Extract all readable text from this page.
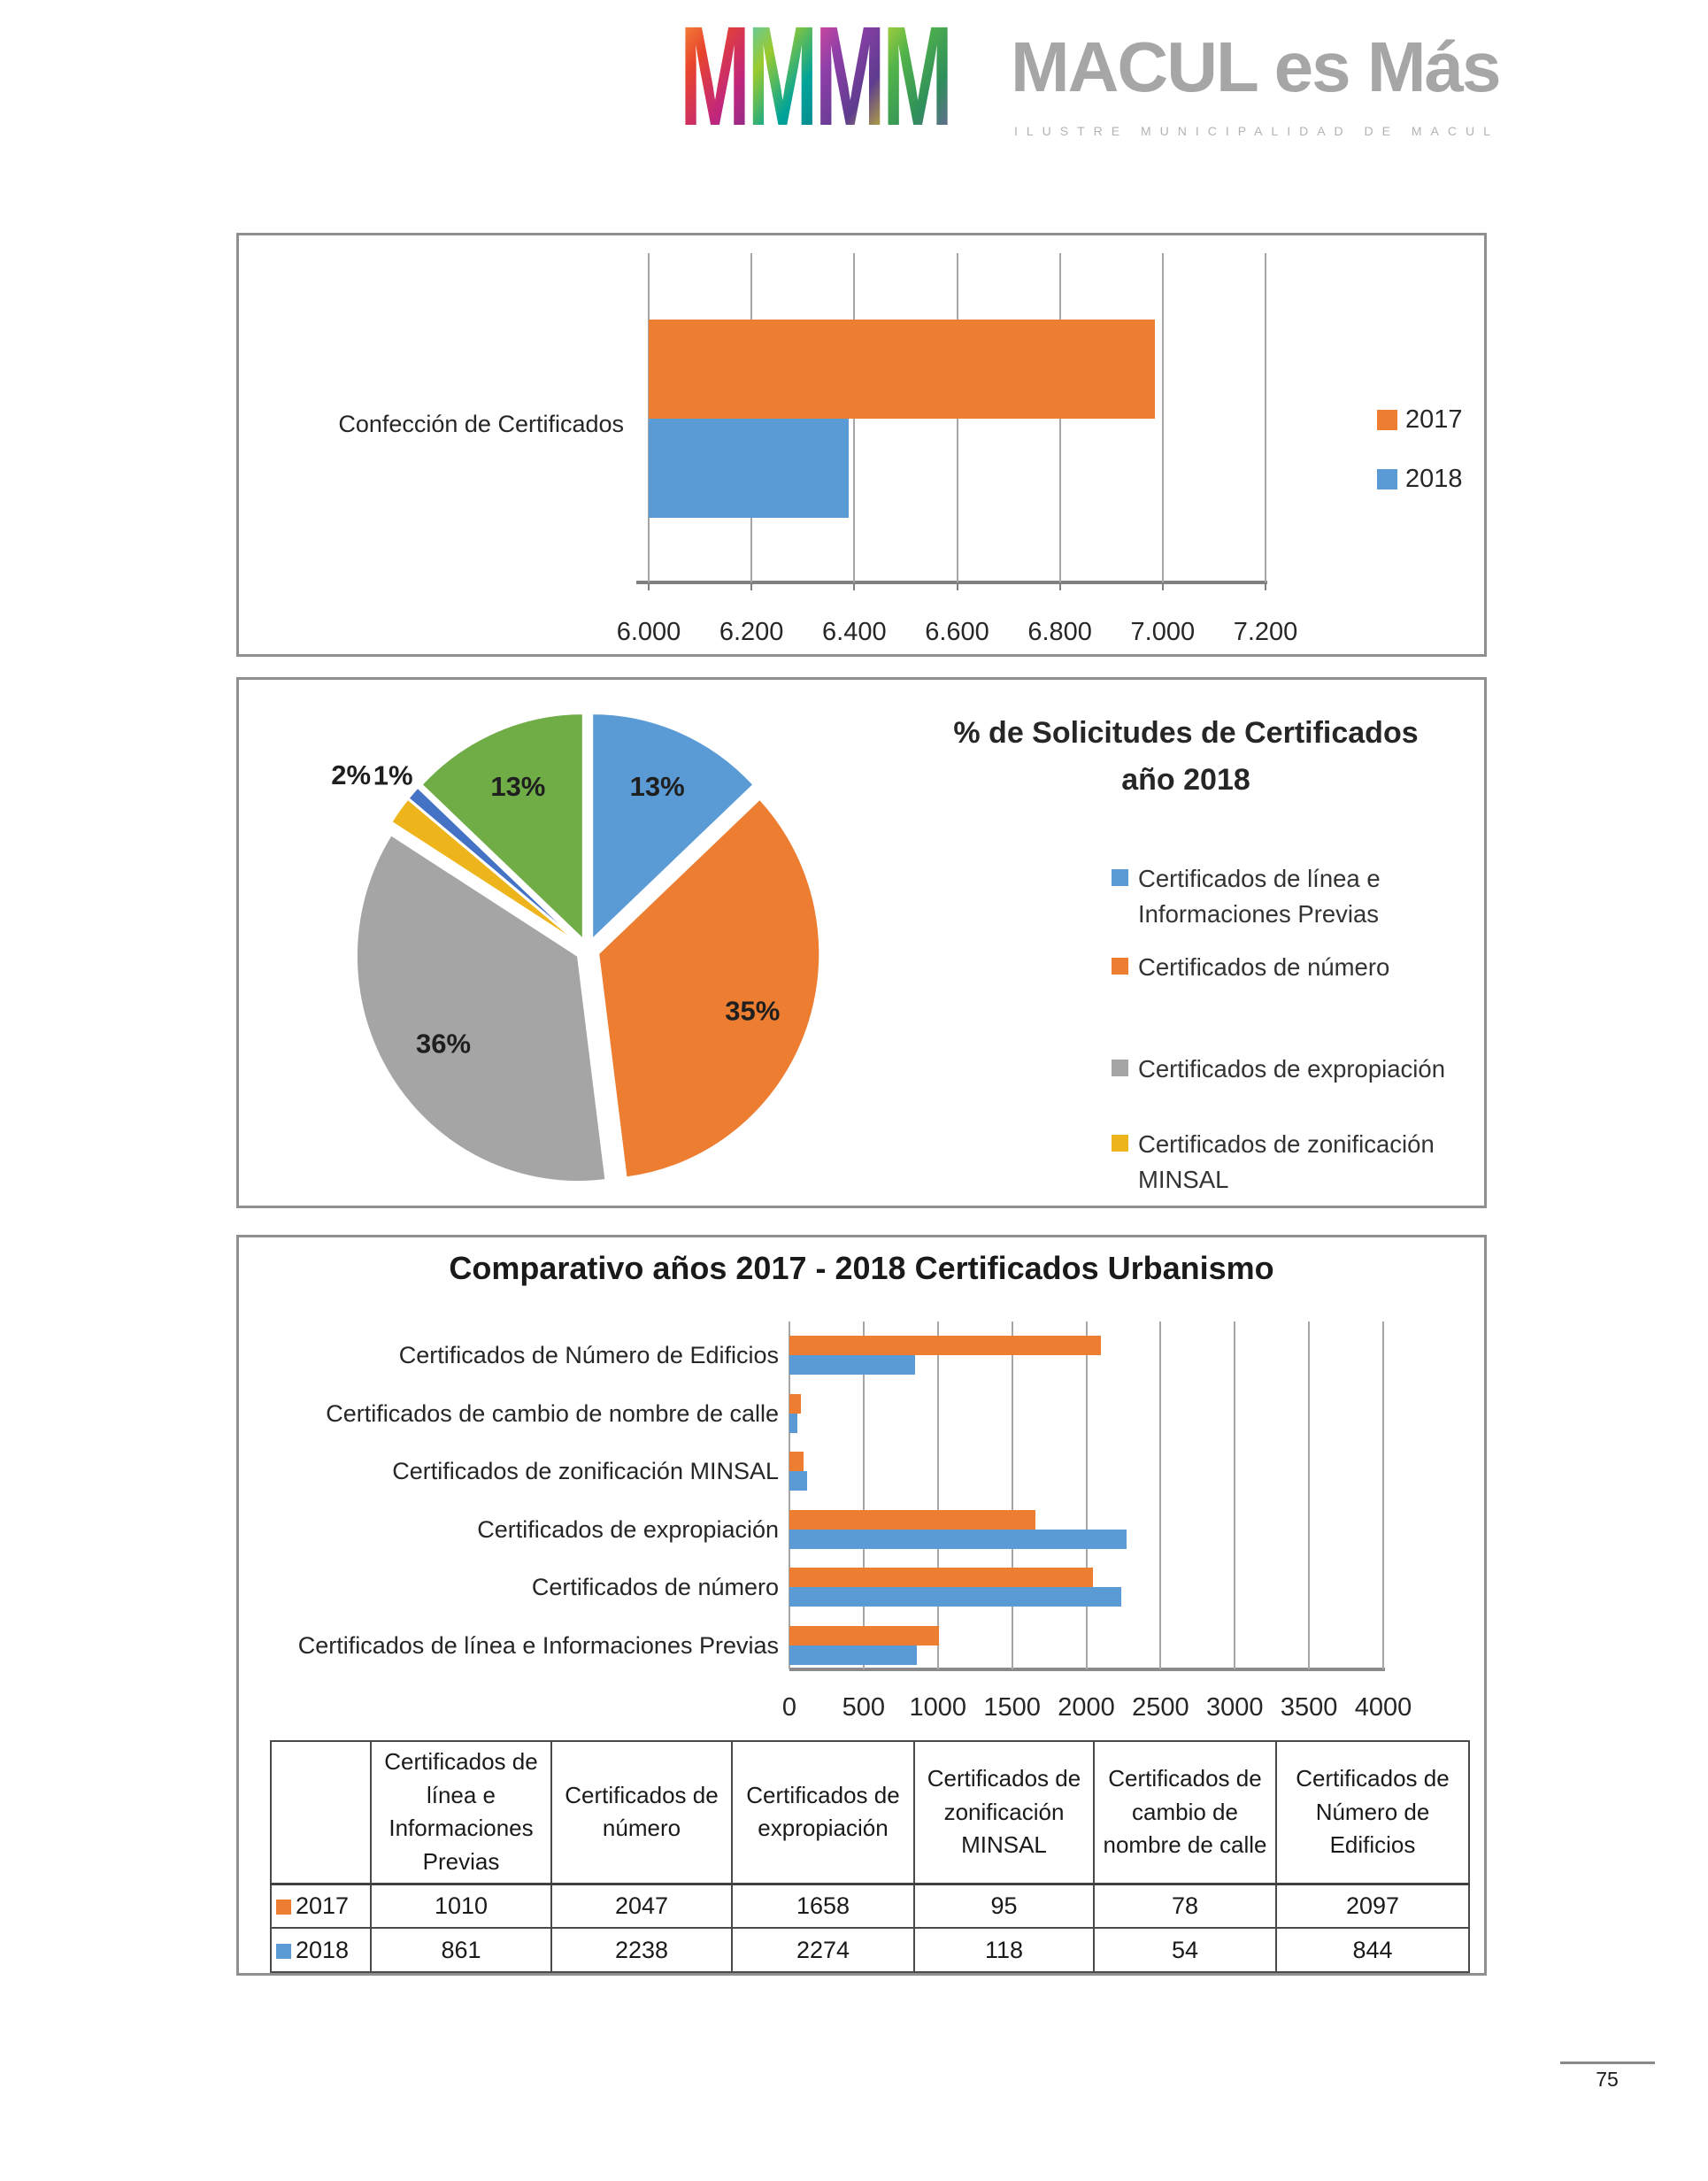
MMMM MACUL es Más
ILUSTRE MUNICIPALIDAD DE MACUL
Confección de Certificados
6.000 6.200 6.400 6.600 6.800 7.000 7.200
2017
2018
13%
35%
36%
2% 1%	13%
% de Solicitudes de Certificados
año 2018
Certificados de línea e Informaciones Previas
Certificados de número
Certificados de expropiación
Certificados de zonificación MINSAL
Comparativo años 2017 - 2018 Certificados Urbanismo
Certificados de Número de Edificios
Certificados de cambio de nombre de calle
Certificados de zonificación MINSAL
Certificados de expropiación
Certificados de número
Certificados de línea e Informaciones Previas
0 500 1000 1500 2000 2500 3000 3500 4000
	Certificados de línea e Informaciones Previas	Certificados de número	Certificados de expropiación	Certificados de zonificación MINSAL	Certificados de cambio de nombre de calle	Certificados de Número de Edificios
2017	1010	2047	1658	95	78	2097
2018	861	2238	2274	118	54	844
75
